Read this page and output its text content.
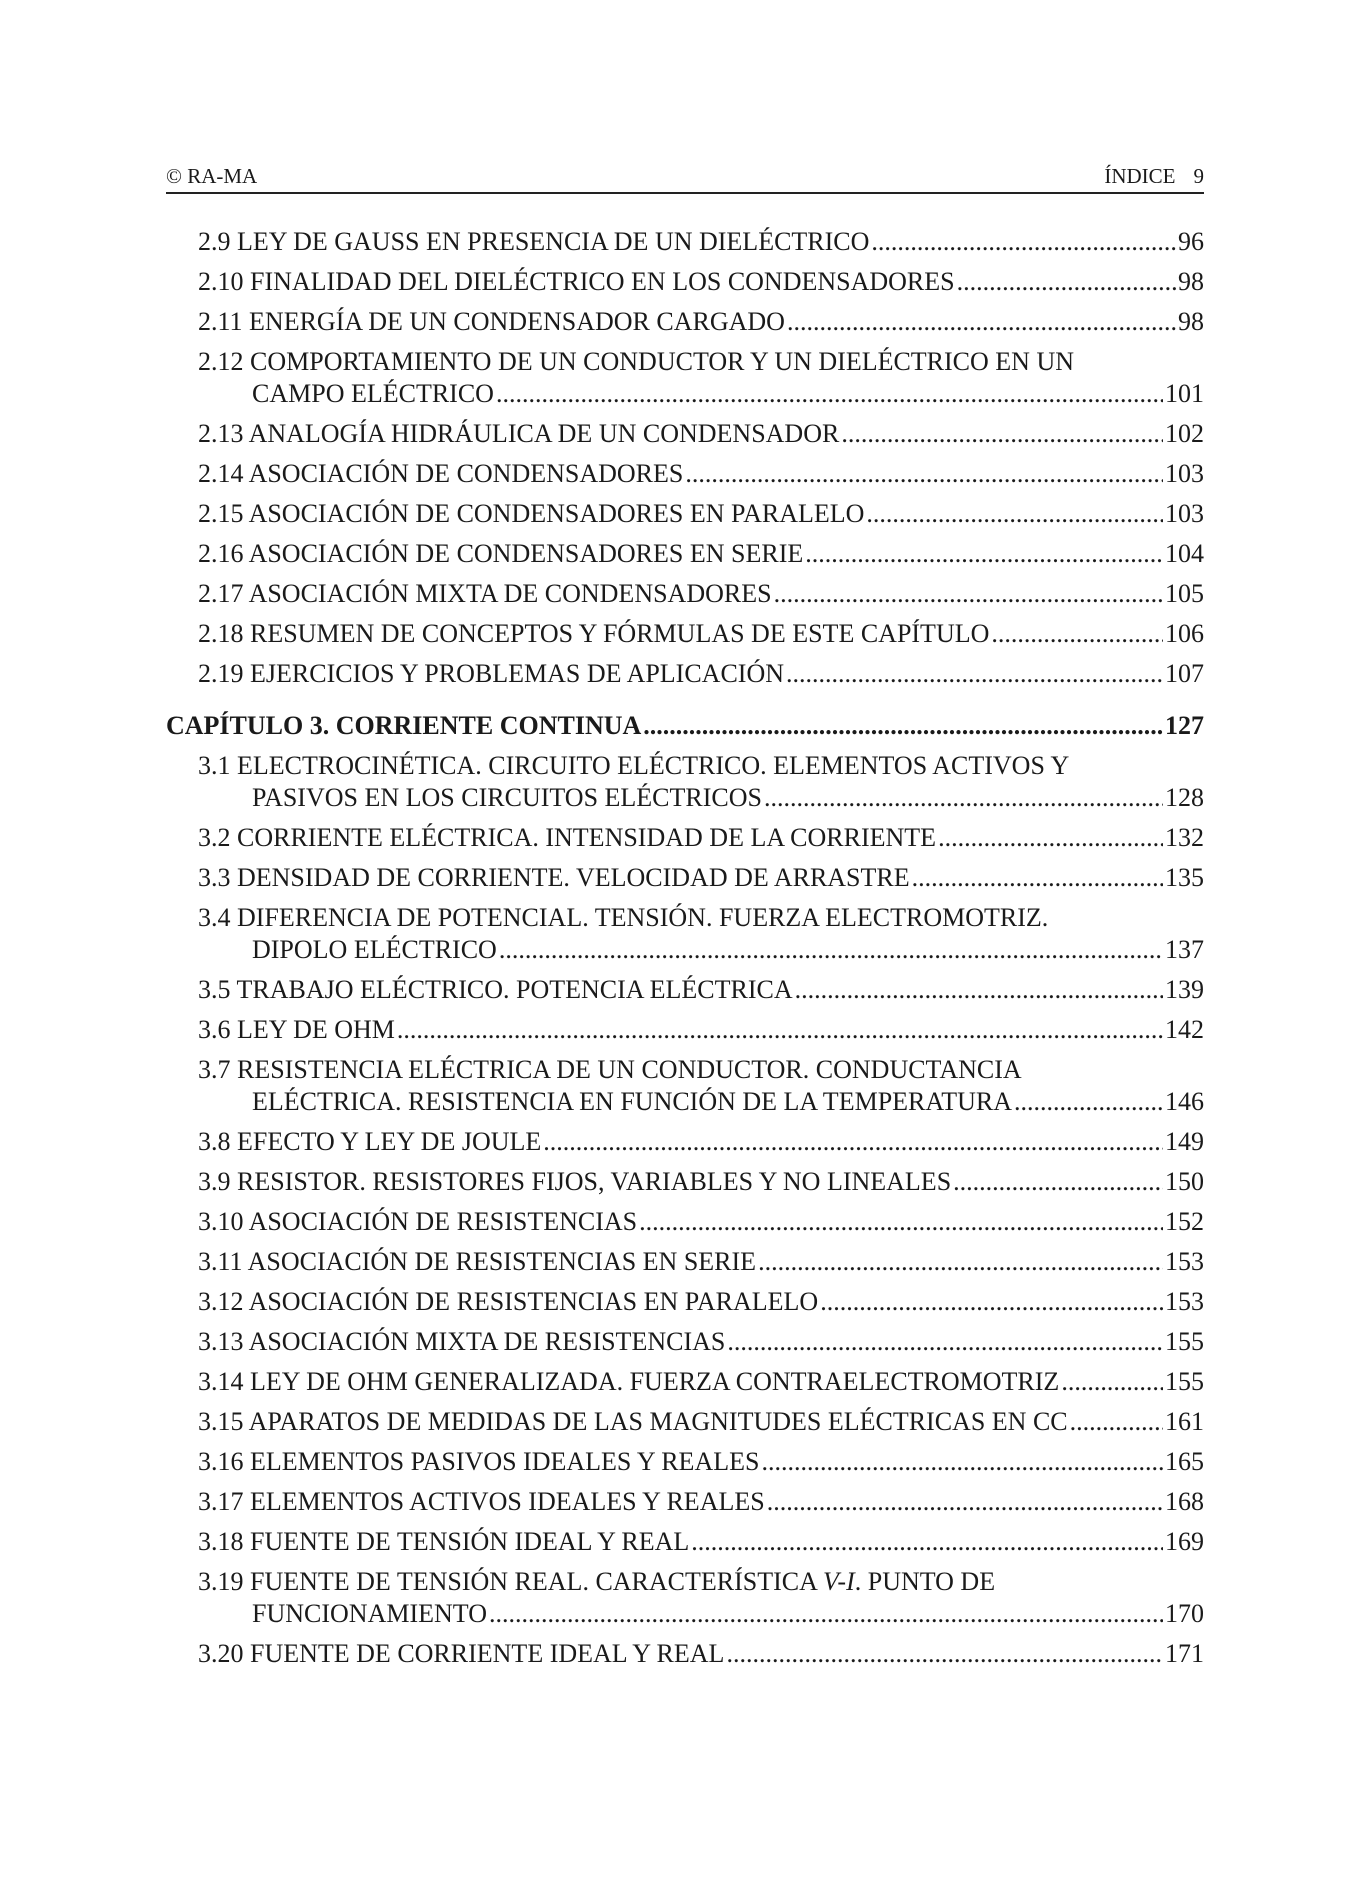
© RA-MA	ÍNDICE 9
2.9 LEY DE GAUSS EN PRESENCIA DE UN DIELÉCTRICO .....	96
2.10 FINALIDAD DEL DIELÉCTRICO EN LOS CONDENSADORES .....	98
2.11 ENERGÍA DE UN CONDENSADOR CARGADO .....	98
2.12 COMPORTAMIENTO DE UN CONDUCTOR Y UN DIELÉCTRICO EN UN
CAMPO ELÉCTRICO .....	101
2.13 ANALOGÍA HIDRÁULICA DE UN CONDENSADOR .....	102
2.14 ASOCIACIÓN DE CONDENSADORES .....	103
2.15 ASOCIACIÓN DE CONDENSADORES EN PARALELO .....	103
2.16 ASOCIACIÓN DE CONDENSADORES EN SERIE .....	104
2.17 ASOCIACIÓN MIXTA DE CONDENSADORES .....	105
2.18 RESUMEN DE CONCEPTOS Y FÓRMULAS DE ESTE CAPÍTULO .....	106
2.19 EJERCICIOS Y PROBLEMAS DE APLICACIÓN .....	107
CAPÍTULO 3. CORRIENTE CONTINUA .....	127
3.1 ELECTROCINÉTICA. CIRCUITO ELÉCTRICO. ELEMENTOS ACTIVOS Y
PASIVOS EN LOS CIRCUITOS ELÉCTRICOS .....	128
3.2 CORRIENTE ELÉCTRICA. INTENSIDAD DE LA CORRIENTE .....	132
3.3 DENSIDAD DE CORRIENTE. VELOCIDAD DE ARRASTRE .....	135
3.4 DIFERENCIA DE POTENCIAL. TENSIÓN. FUERZA ELECTROMOTRIZ.
DIPOLO ELÉCTRICO .....	137
3.5 TRABAJO ELÉCTRICO. POTENCIA ELÉCTRICA .....	139
3.6 LEY DE OHM .....	142
3.7 RESISTENCIA ELÉCTRICA DE UN CONDUCTOR. CONDUCTANCIA
ELÉCTRICA. RESISTENCIA EN FUNCIÓN DE LA TEMPERATURA .....	146
3.8 EFECTO Y LEY DE JOULE .....	149
3.9 RESISTOR. RESISTORES FIJOS, VARIABLES Y NO LINEALES .....	150
3.10 ASOCIACIÓN DE RESISTENCIAS .....	152
3.11 ASOCIACIÓN DE RESISTENCIAS EN SERIE .....	153
3.12 ASOCIACIÓN DE RESISTENCIAS EN PARALELO .....	153
3.13 ASOCIACIÓN MIXTA DE RESISTENCIAS .....	155
3.14 LEY DE OHM GENERALIZADA. FUERZA CONTRAELECTROMOTRIZ .....	155
3.15 APARATOS DE MEDIDAS DE LAS MAGNITUDES ELÉCTRICAS EN CC .....	161
3.16 ELEMENTOS PASIVOS IDEALES Y REALES .....	165
3.17 ELEMENTOS ACTIVOS IDEALES Y REALES .....	168
3.18 FUENTE DE TENSIÓN IDEAL Y REAL .....	169
3.19 FUENTE DE TENSIÓN REAL. CARACTERÍSTICA V-I. PUNTO DE
FUNCIONAMIENTO .....	170
3.20 FUENTE DE CORRIENTE IDEAL Y REAL .....	171
